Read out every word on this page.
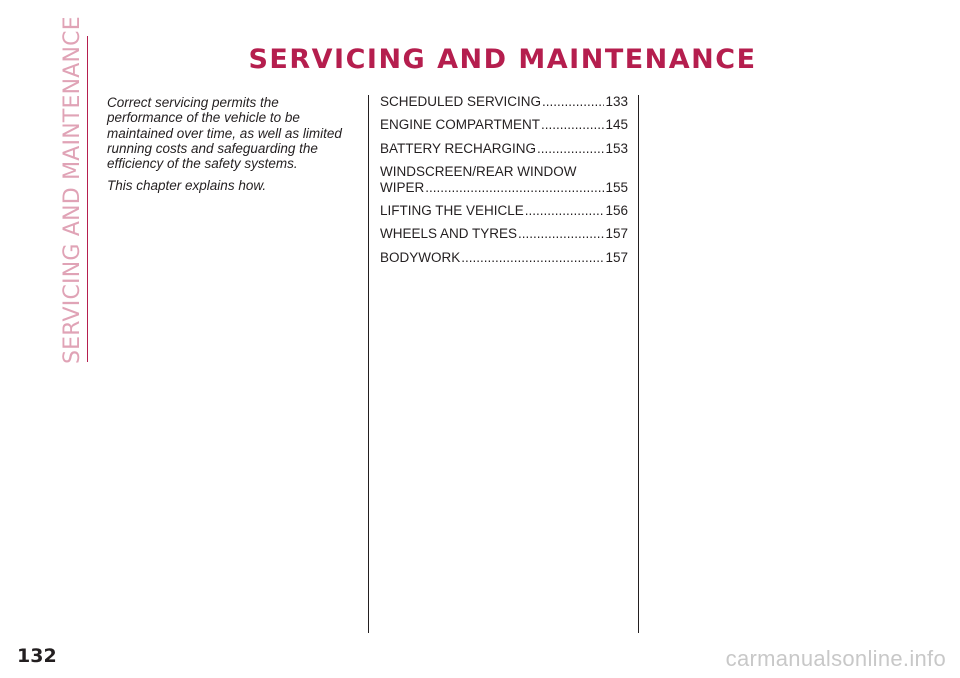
SERVICING AND MAINTENANCE	SERVICING AND MAINTENANCE

Correct servicing permits the performance of the vehicle to be maintained over time, as well as limited running costs and safeguarding the efficiency of the safety systems.

This chapter explains how.

SCHEDULED SERVICING .....	133
ENGINE COMPARTMENT .....	145
BATTERY RECHARGING .....	153
WINDSCREEN/REAR WINDOW
WIPER .....	155
LIFTING THE VEHICLE .....	156
WHEELS AND TYRES .....	157
BODYWORK .....	157
132	carmanualsonline.info
